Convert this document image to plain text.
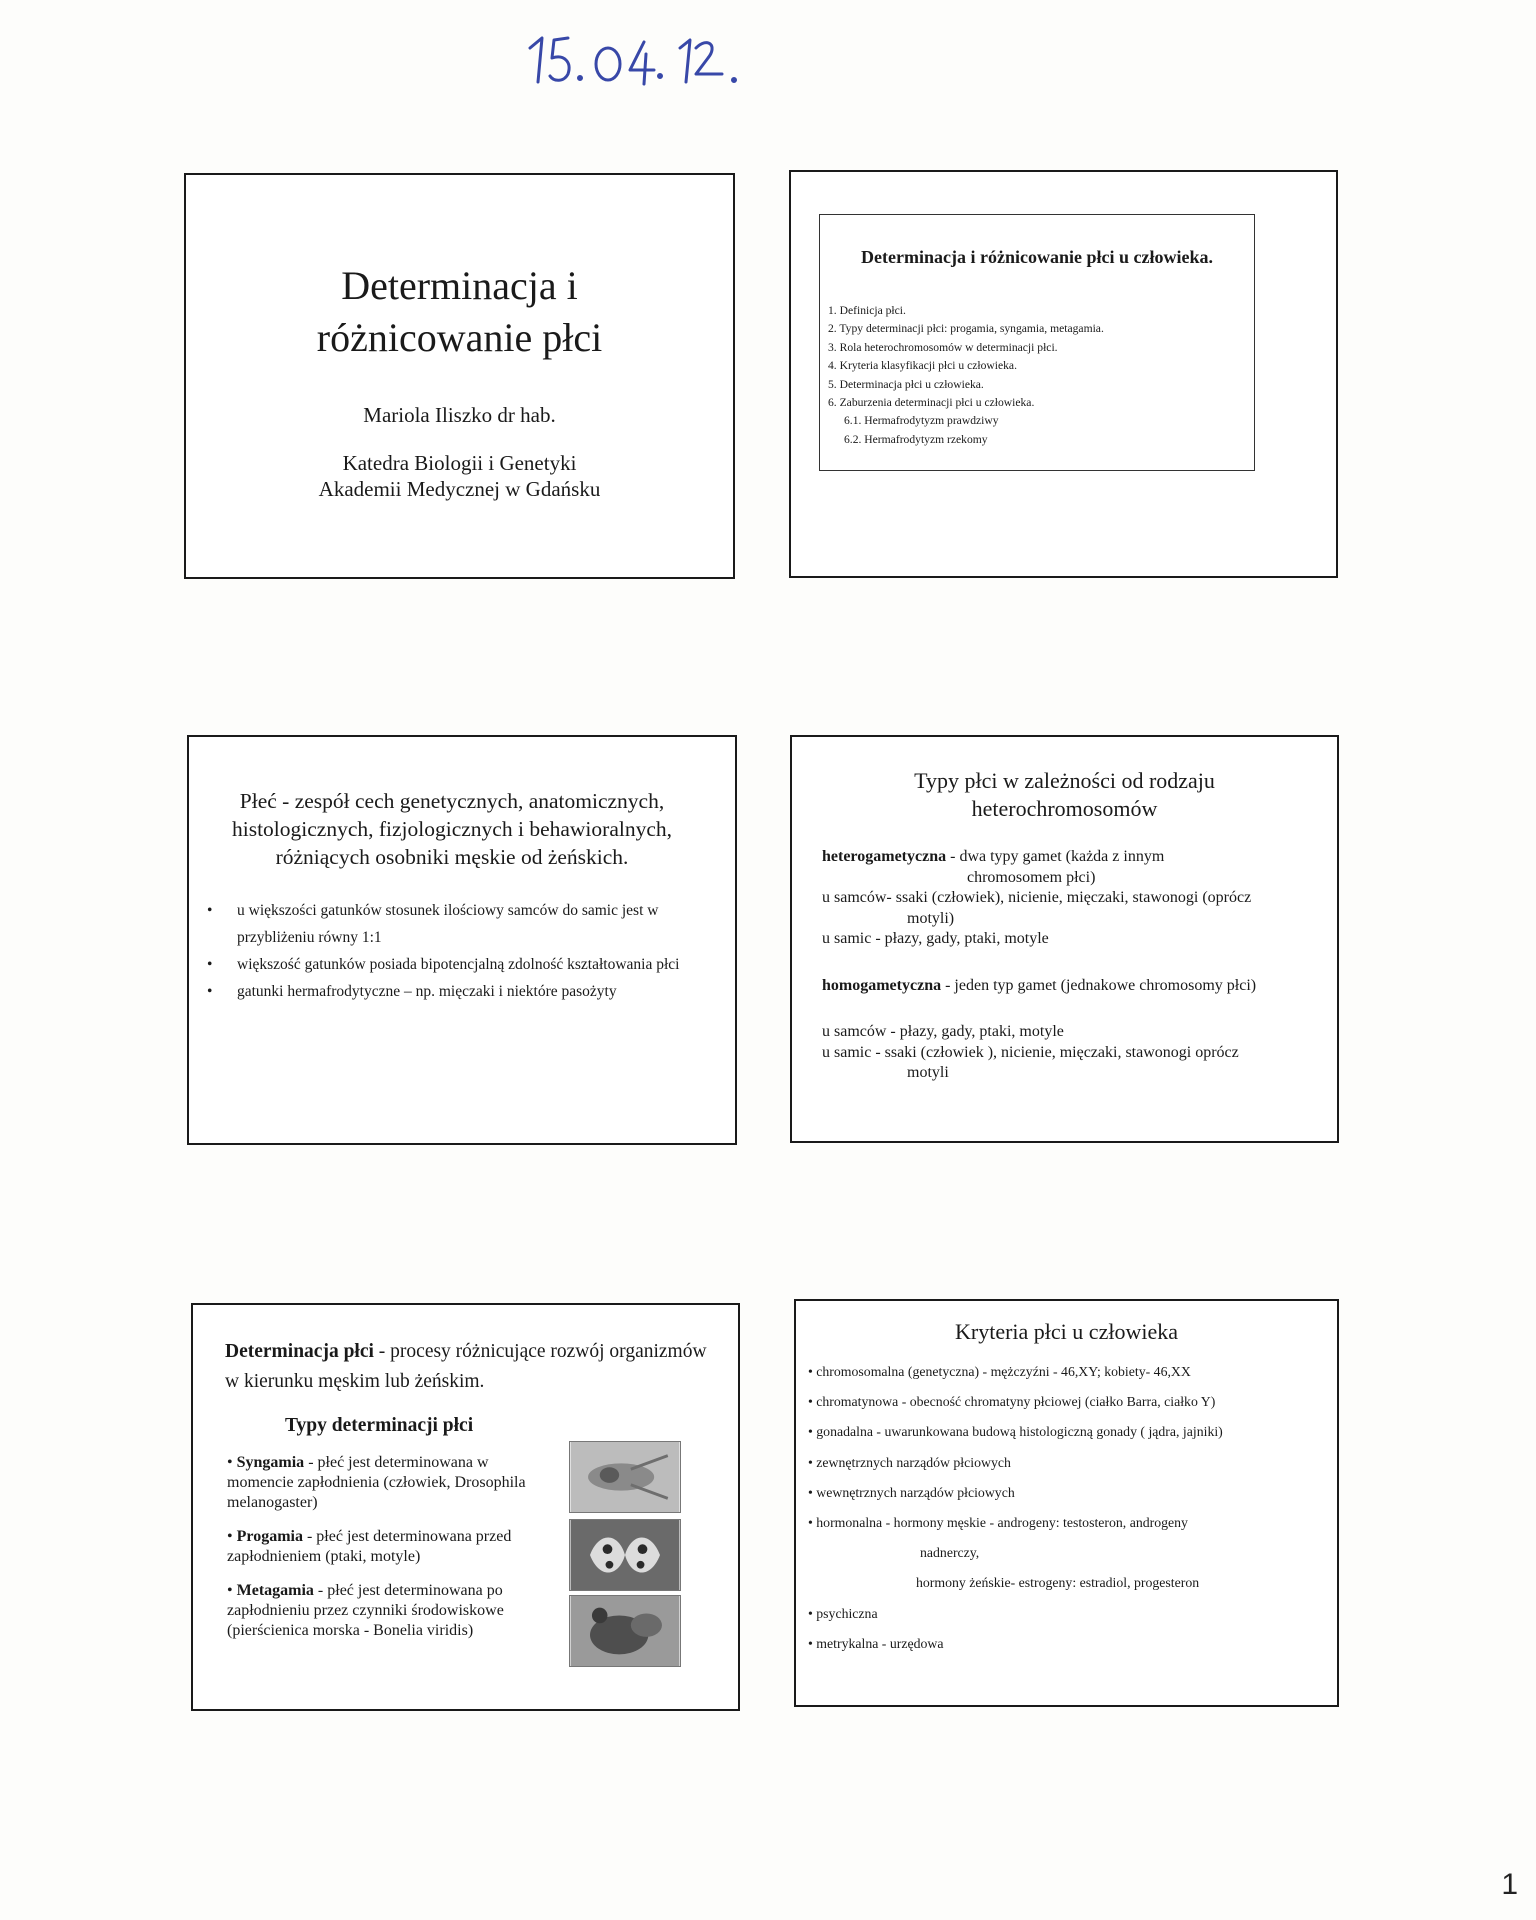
Determinacja i
różnicowanie płci
Mariola Iliszko dr hab.
Katedra Biologii i Genetyki
Akademii Medycznej w Gdańsku
Determinacja i różnicowanie płci u człowieka.
1. Definicja płci.
2. Typy determinacji płci: progamia, syngamia, metagamia.
3. Rola heterochromosomów w determinacji płci.
4. Kryteria klasyfikacji płci u człowieka.
5. Determinacja płci u człowieka.
6. Zaburzenia determinacji płci u człowieka.
6.1. Hermafrodytyzm prawdziwy
6.2. Hermafrodytyzm rzekomy
Płeć - zespół cech genetycznych, anatomicznych, histologicznych, fizjologicznych i behawioralnych, różniących osobniki męskie od żeńskich.
• u większości gatunków stosunek ilościowy samców do samic jest w przybliżeniu równy 1:1
• większość gatunków posiada bipotencjalną zdolność kształtowania płci
• gatunki hermafrodytyczne – np. mięczaki i niektóre pasożyty
Typy płci w zależności od rodzaju
heterochromosomów
heterogametyczna - dwa typy gamet (każda z innym
chromosomem płci)
u samców- ssaki (człowiek), nicienie, mięczaki, stawonogi (oprócz
motyli)
u samic - płazy, gady, ptaki, motyle
homogametyczna - jeden typ gamet (jednakowe chromosomy płci)
u samców - płazy, gady, ptaki, motyle
u samic - ssaki (człowiek ), nicienie, mięczaki, stawonogi oprócz
motyli
Determinacja płci - procesy różnicujące rozwój organizmów w kierunku męskim lub żeńskim.
Typy determinacji płci
• Syngamia - płeć jest determinowana w momencie zapłodnienia (człowiek, Drosophila melanogaster)
• Progamia - płeć jest determinowana przed zapłodnieniem (ptaki, motyle)
• Metagamia - płeć jest determinowana po zapłodnieniu przez czynniki środowiskowe (pierścienica morska - Bonelia viridis)
Kryteria płci u człowieka
• chromosomalna (genetyczna) - mężczyźni - 46,XY; kobiety- 46,XX
• chromatynowa - obecność chromatyny płciowej (ciałko Barra, ciałko Y)
• gonadalna - uwarunkowana budową histologiczną gonady ( jądra, jajniki)
• zewnętrznych narządów płciowych
• wewnętrznych narządów płciowych
• hormonalna - hormony męskie - androgeny: testosteron, androgeny
nadnerczy,
hormony żeńskie- estrogeny: estradiol, progesteron
• psychiczna
• metrykalna - urzędowa
1
